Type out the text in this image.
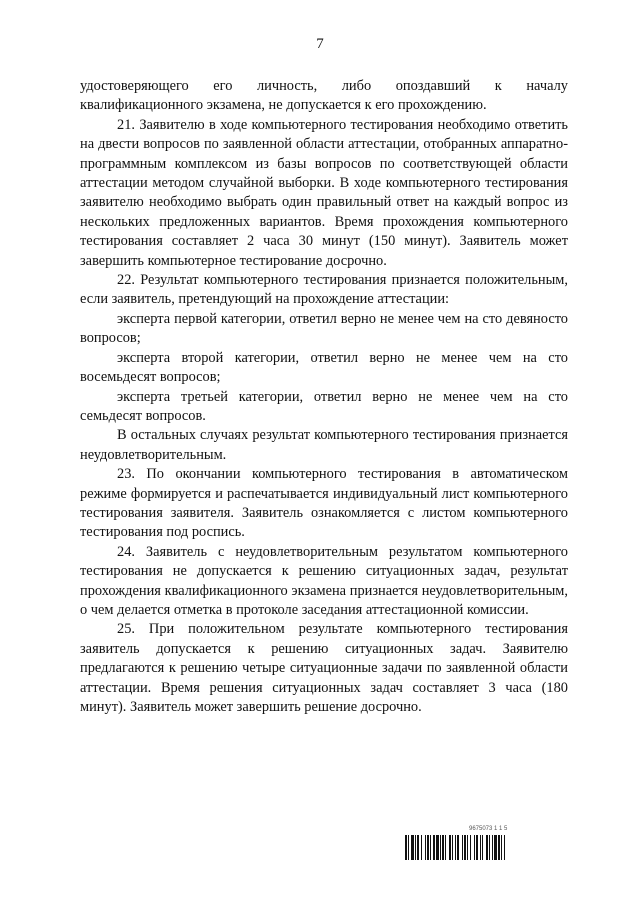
7

удостоверяющего его личность, либо опоздавший к началу квалификационного экзамена, не допускается к его прохождению.

21. Заявителю в ходе компьютерного тестирования необходимо ответить на двести вопросов по заявленной области аттестации, отобранных аппаратно-программным комплексом из базы вопросов по соответствующей области аттестации методом случайной выборки. В ходе компьютерного тестирования заявителю необходимо выбрать один правильный ответ на каждый вопрос из нескольких предложенных вариантов. Время прохождения компьютерного тестирования составляет 2 часа 30 минут (150 минут). Заявитель может завершить компьютерное тестирование досрочно.

22. Результат компьютерного тестирования признается положительным, если заявитель, претендующий на прохождение аттестации:

эксперта первой категории, ответил верно не менее чем на сто девяносто вопросов;

эксперта второй категории, ответил верно не менее чем на сто восемьдесят вопросов;

эксперта третьей категории, ответил верно не менее чем на сто семьдесят вопросов.

В остальных случаях результат компьютерного тестирования признается неудовлетворительным.

23. По окончании компьютерного тестирования в автоматическом режиме формируется и распечатывается индивидуальный лист компьютерного тестирования заявителя. Заявитель ознакомляется с листом компьютерного тестирования под роспись.

24. Заявитель с неудовлетворительным результатом компьютерного тестирования не допускается к решению ситуационных задач, результат прохождения квалификационного экзамена признается неудовлетворительным, о чем делается отметка в протоколе заседания аттестационной комиссии.

25. При положительном результате компьютерного тестирования заявитель допускается к решению ситуационных задач. Заявителю предлагаются к решению четыре ситуационные задачи по заявленной области аттестации. Время решения ситуационных задач составляет 3 часа (180 минут). Заявитель может завершить решение досрочно.

9675073 1 1 5
